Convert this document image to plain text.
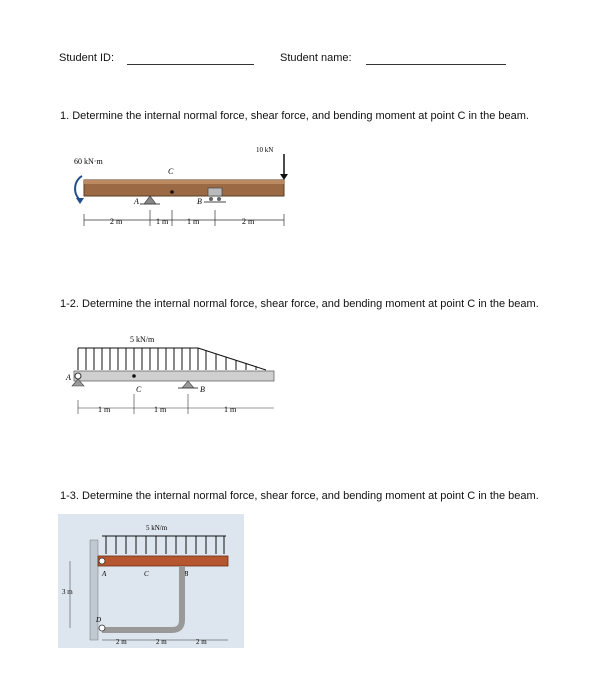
Student ID:	Student name:
1. Determine the internal normal force, shear force, and bending moment at point C in the beam.
60 kN·m
10 kN
A
C
B
2 m	1 m 1 m	2 m
1-2. Determine the internal normal force, shear force, and bending moment at point C in the beam.
5 kN/m
A
C	B
1 m	1 m	1 m
1-3. Determine the internal normal force, shear force, and bending moment at point C in the beam.
5 kN/m
A	C	B
D
3 m
2 m	2 m	2 m
